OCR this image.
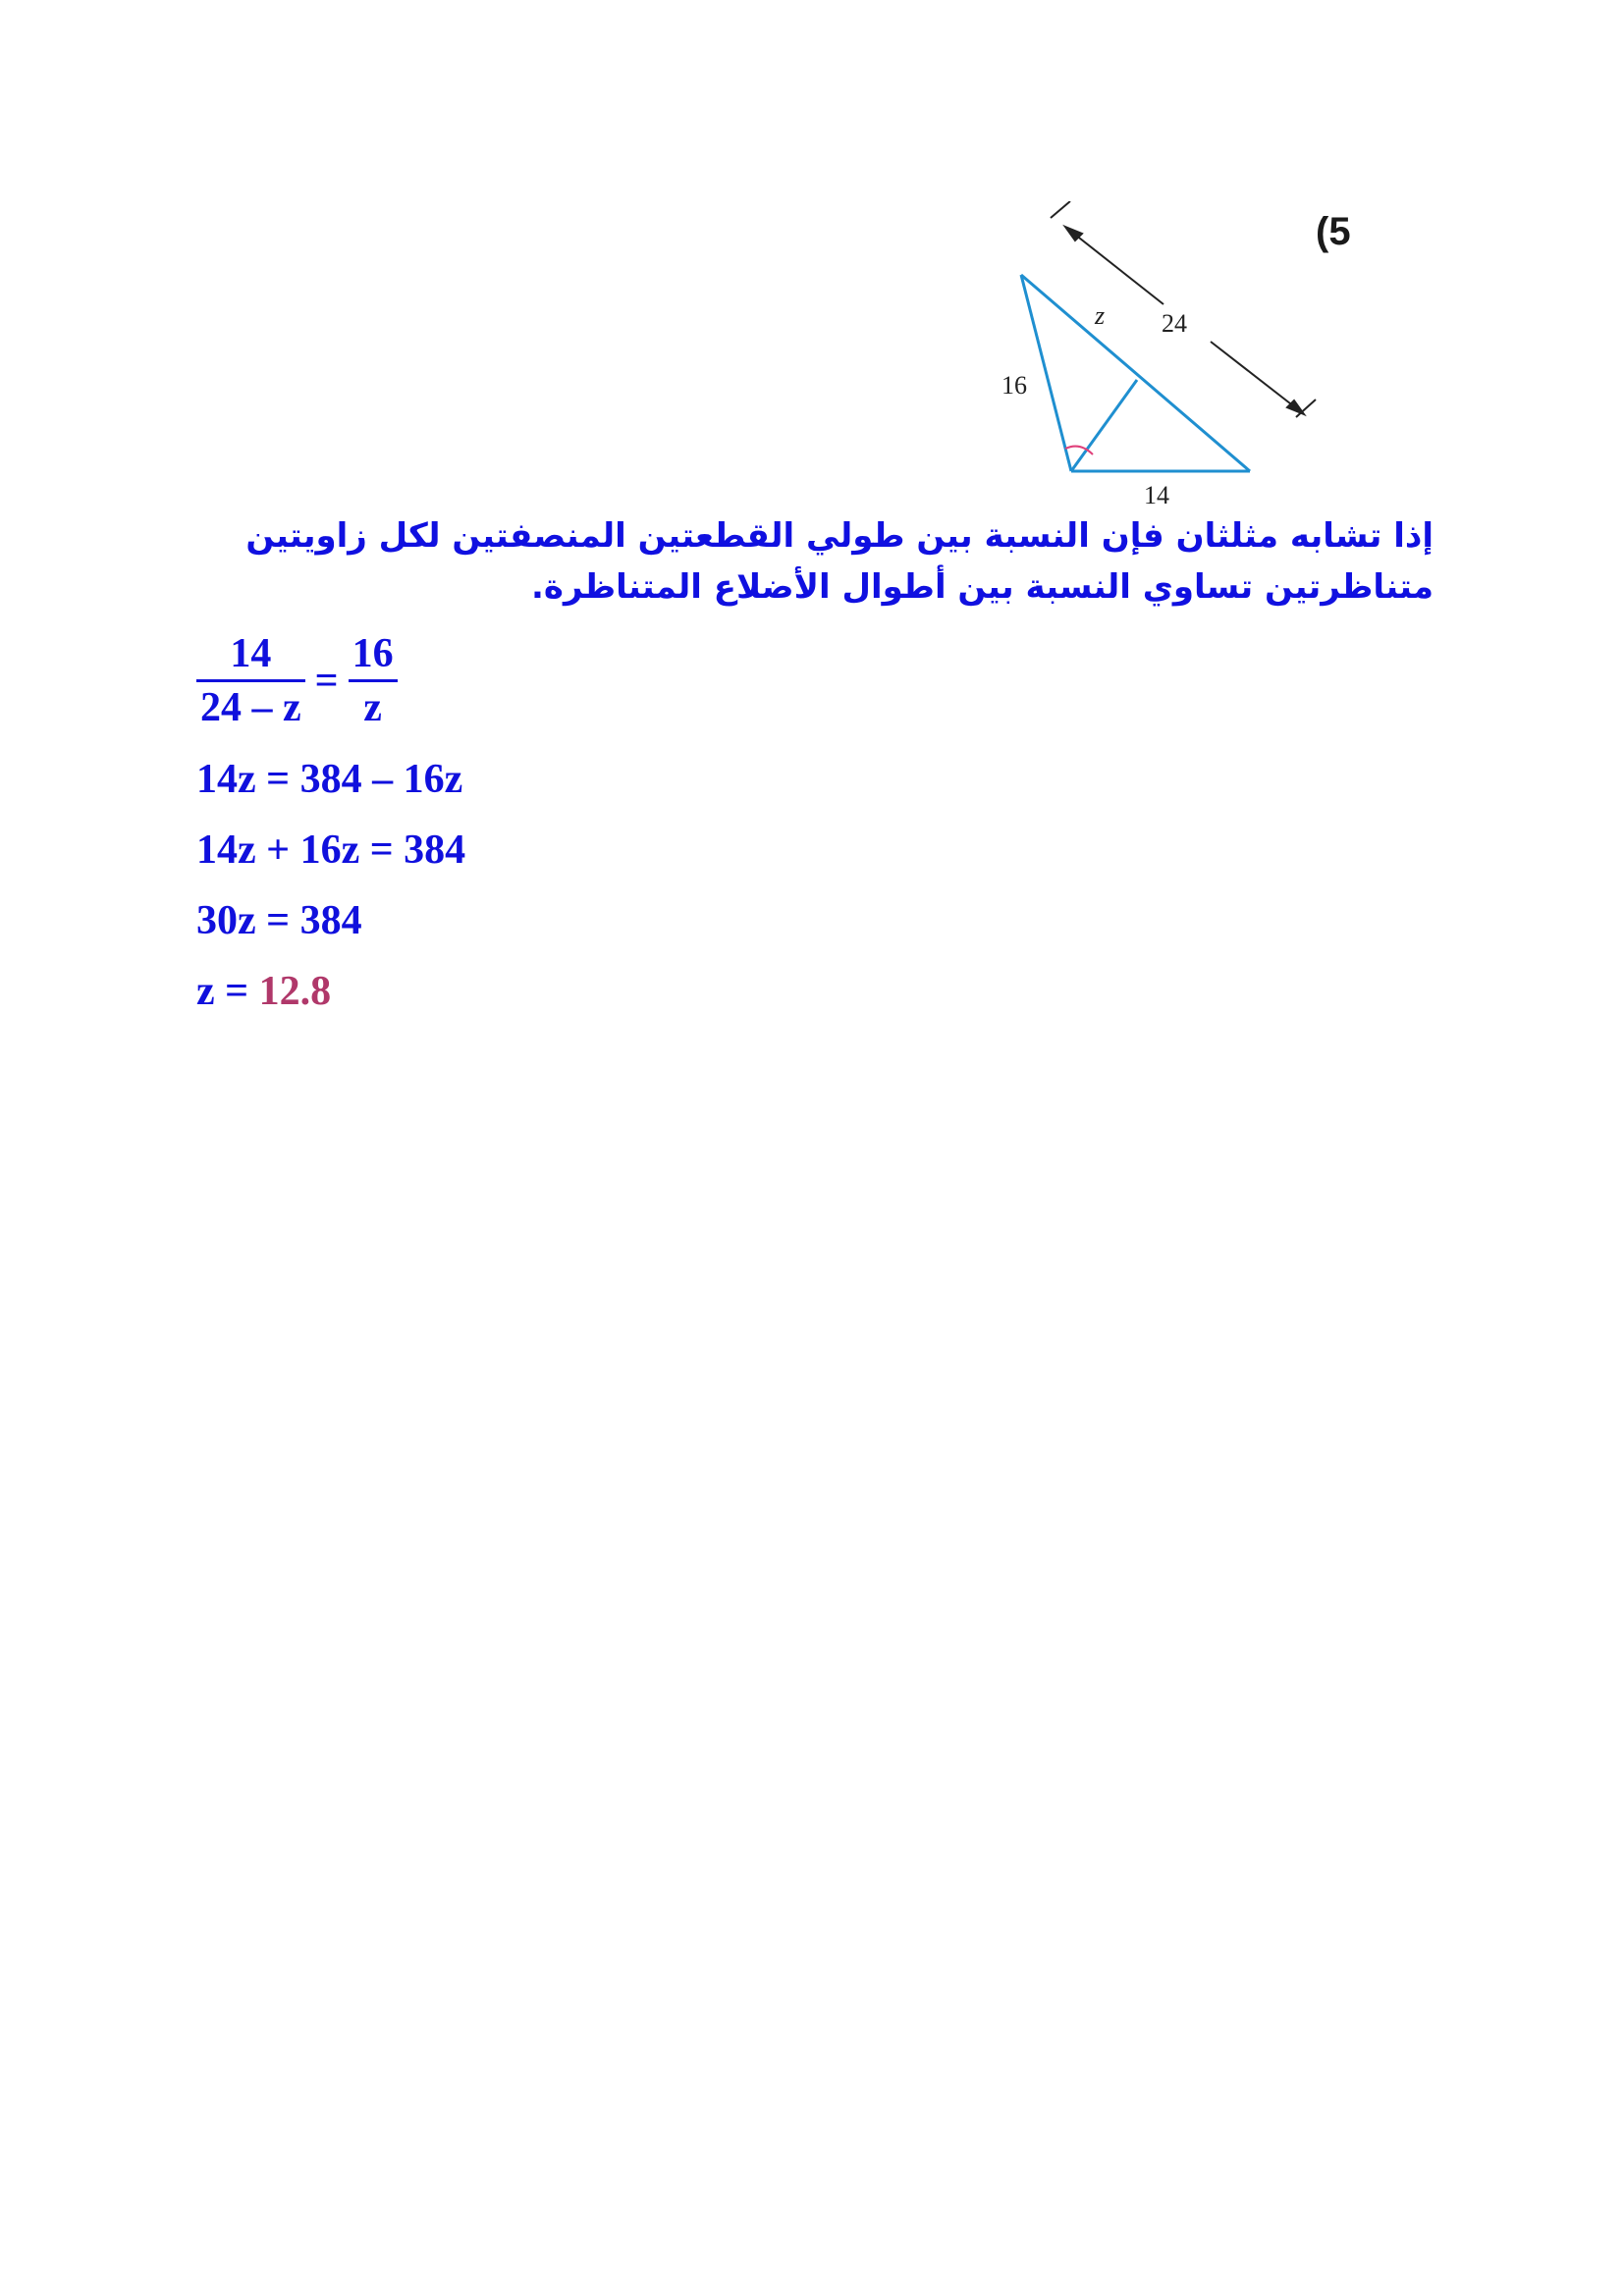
(5
z 24
16
14
إذا تشابه مثلثان فإن النسبة بين طولي القطعتين المنصفتين لكل زاويتين
متناظرتين تساوي النسبة بين أطوال الأضلاع المتناظرة.
$\frac{14}{24 - z} = \frac{16}{z}$
14z = 384 – 16z
14z + 16z = 384
30z = 384
z = 12.8
